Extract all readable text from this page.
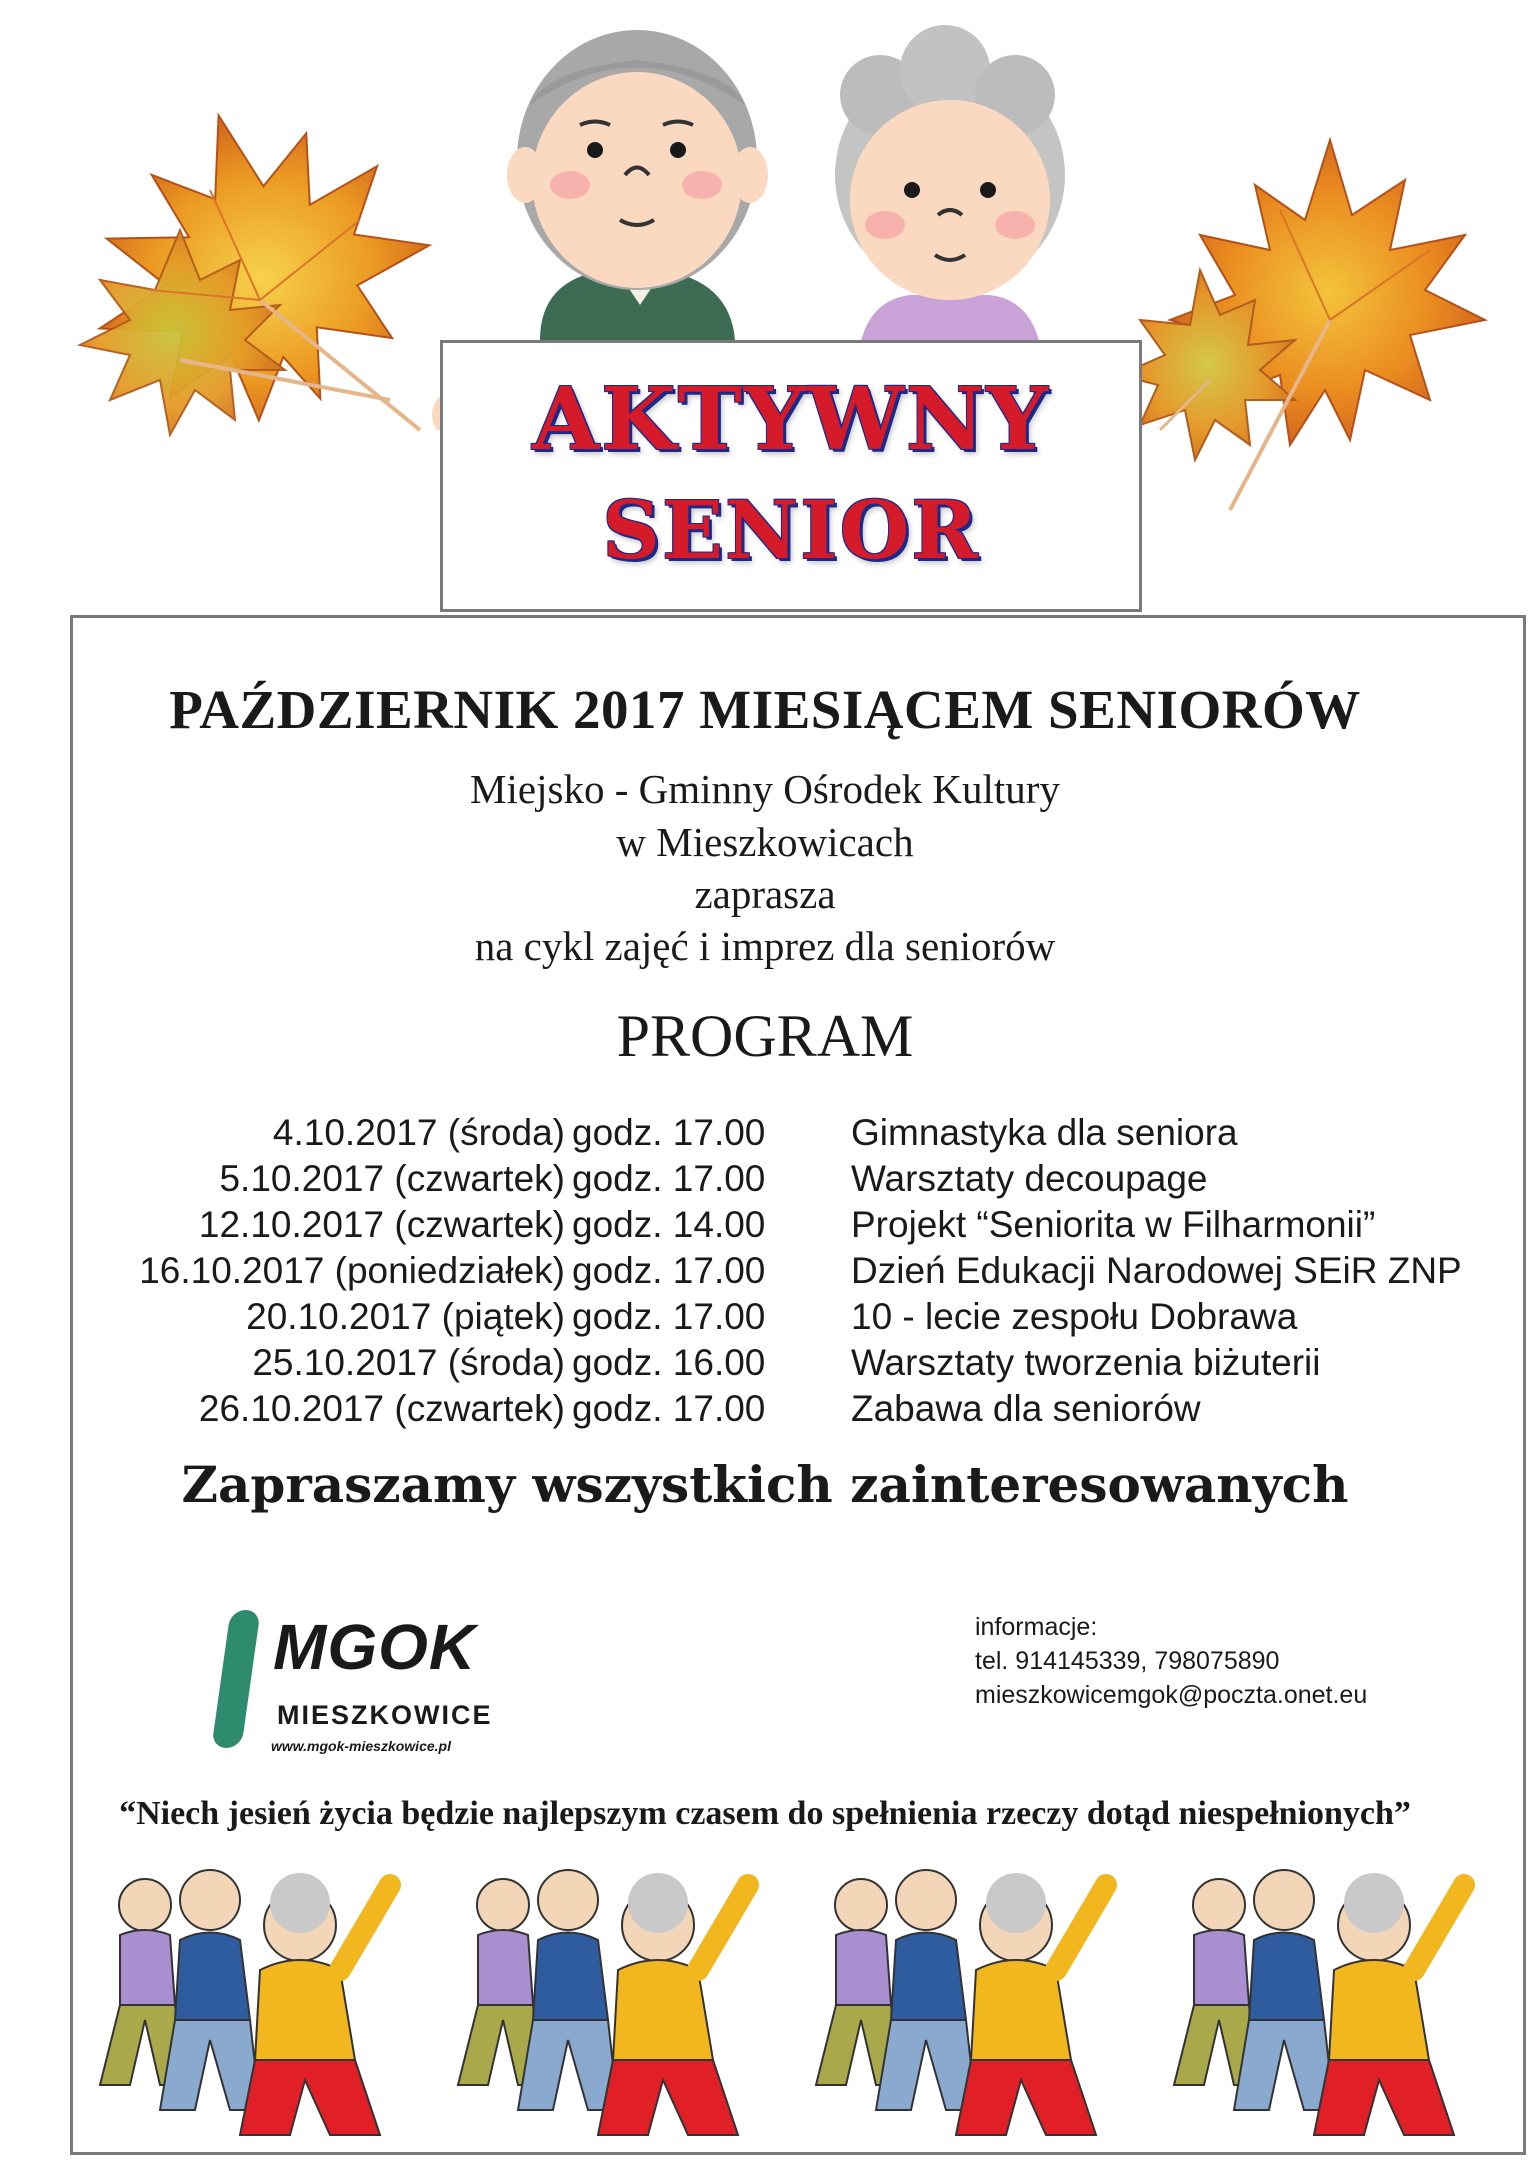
AKTYWNY
SENIOR
PAŹDZIERNIK 2017 MIESIĄCEM SENIORÓW
Miejsko - Gminny Ośrodek Kultury
w Mieszkowicach
zaprasza
na cykl zajęć i imprez dla seniorów
PROGRAM
4.10.2017 (środa) godz. 17.00 Gimnastyka dla seniora
5.10.2017 (czwartek) godz. 17.00 Warsztaty decoupage
12.10.2017 (czwartek) godz. 14.00 Projekt “Seniorita w Filharmonii”
16.10.2017 (poniedziałek) godz. 17.00 Dzień Edukacji Narodowej SEiR ZNP
20.10.2017 (piątek) godz. 17.00 10 - lecie zespołu Dobrawa
25.10.2017 (środa) godz. 16.00 Warsztaty tworzenia biżuterii
26.10.2017 (czwartek) godz. 17.00 Zabawa dla seniorów
Zapraszamy wszystkich zainteresowanych
MGOK
MIESZKOWICE
www.mgok-mieszkowice.pl
informacje:
tel. 914145339, 798075890
mieszkowicemgok@poczta.onet.eu
“Niech jesień życia będzie najlepszym czasem do spełnienia rzeczy dotąd niespełnionych”
